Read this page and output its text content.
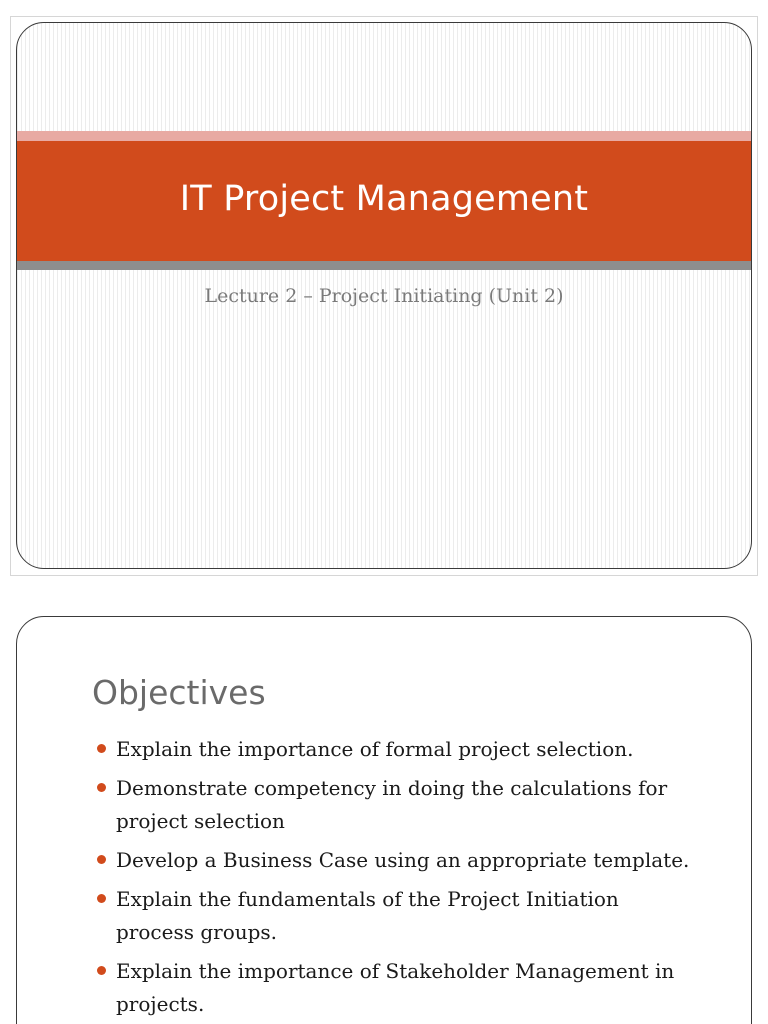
IT Project Management
Lecture 2 – Project Initiating (Unit 2)
Objectives
Explain the importance of formal project selection.
Demonstrate competency in doing the calculations for project selection
Develop a Business Case using an appropriate template.
Explain the fundamentals of the Project Initiation process groups.
Explain the importance of Stakeholder Management in projects.
